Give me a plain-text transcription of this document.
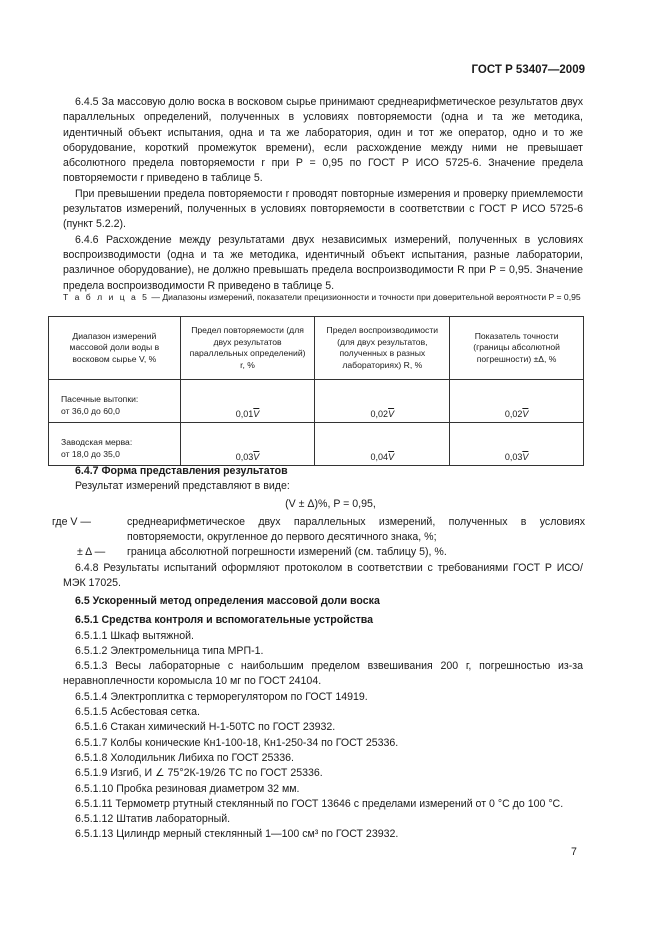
ГОСТ Р 53407—2009

6.4.5 За массовую долю воска в восковом сырье принимают среднеарифметическое результатов двух параллельных определений, полученных в условиях повторяемости (одна и та же методика, идентичный объект испытания, одна и та же лаборатория, один и тот же оператор, одно и то же оборудование, короткий промежуток времени), если расхождение между ними не превышает абсолютного предела повторяемости r при P = 0,95 по ГОСТ Р ИСО 5725-6. Значение предела повторяемости r приведено в таблице 5.

При превышении предела повторяемости r проводят повторные измерения и проверку приемлемости результатов измерений, полученных в условиях повторяемости в соответствии с ГОСТ Р ИСО 5725-6 (пункт 5.2.2).

6.4.6 Расхождение между результатами двух независимых измерений, полученных в условиях воспроизводимости (одна и та же методика, идентичный объект испытания, разные лаборатории, различное оборудование), не должно превышать предела воспроизводимости R при P = 0,95. Значение предела воспроизводимости R приведено в таблице 5.

Т а б л и ц а 5 — Диапазоны измерений, показатели прецизионности и точности при доверительной вероятности P = 0,95
Диапазон измерений массовой доли воды в восковом сырье V, %	Предел повторяемости (для двух результатов параллельных определений) r, %	Предел воспроизводимости (для двух результатов, полученных в разных лабораториях) R, %	Показатель точности (границы абсолютной погрешности) ±Δ, %

Пасечные вытопки:
от 36,0 до 60,0	$0,01\overline{V}$	$0,02\overline{V}$	$0,02\overline{V}$

Заводская мерва:
от 18,0 до 35,0	$0,03\overline{V}$	$0,04\overline{V}$	$0,03\overline{V}$

6.4.7 Форма представления результатов

Результат измерений представляют в виде:

(V ± Δ)%, P = 0,95,
где V —	среднеарифметическое двух параллельных измерений, полученных в условиях повторяемости, округленное до первого десятичного знака, %;
± Δ — граница абсолютной погрешности измерений (см. таблицу 5), %.

6.4.8 Результаты испытаний оформляют протоколом в соответствии с требованиями ГОСТ Р ИСО/МЭК 17025.

6.5 Ускоренный метод определения массовой доли воска

6.5.1 Средства контроля и вспомогательные устройства

6.5.1.1 Шкаф вытяжной.

6.5.1.2 Электромельница типа МРП-1.

6.5.1.3 Весы лабораторные с наибольшим пределом взвешивания 200 г, погрешностью из-за неравноплечности коромысла 10 мг по ГОСТ 24104.

6.5.1.4 Электроплитка с терморегулятором по ГОСТ 14919.

6.5.1.5 Асбестовая сетка.

6.5.1.6 Стакан химический Н-1-50ТС по ГОСТ 23932.

6.5.1.7 Колбы конические Кн1-100-18, Кн1-250-34 по ГОСТ 25336.

6.5.1.8 Холодильник Либиха по ГОСТ 25336.

6.5.1.9 Изгиб, И ∠ 75°2К-19/26 ТС по ГОСТ 25336.

6.5.1.10 Пробка резиновая диаметром 32 мм.

6.5.1.11 Термометр ртутный стеклянный по ГОСТ 13646 с пределами измерений от 0 °С до 100 °С.

6.5.1.12 Штатив лабораторный.

6.5.1.13 Цилиндр мерный стеклянный 1—100 см³ по ГОСТ 23932.

7
